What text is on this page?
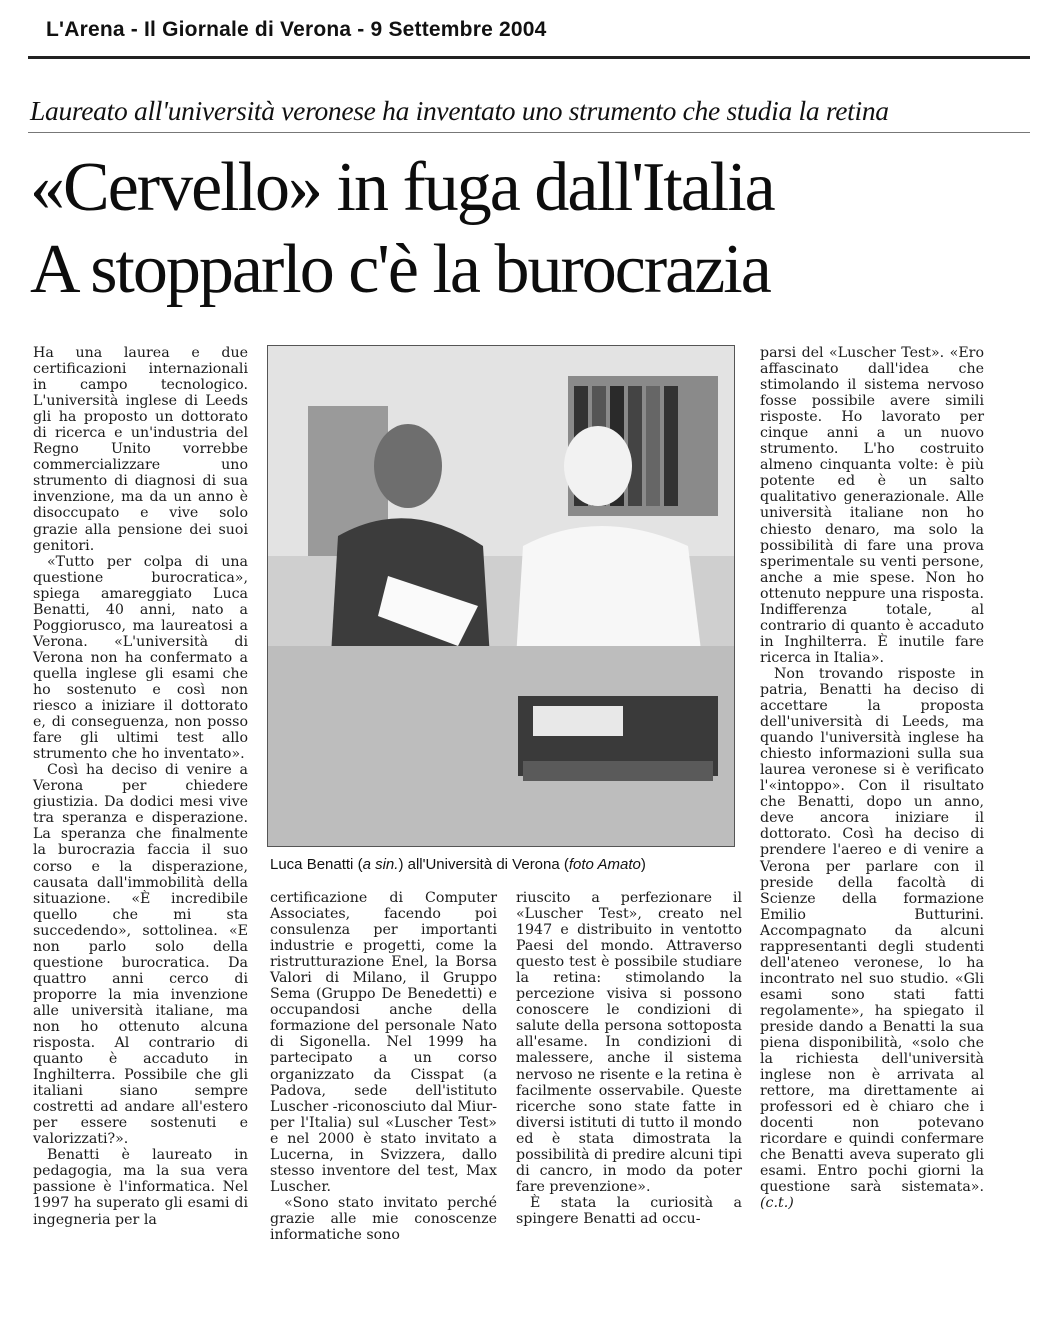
L'Arena - Il Giornale di Verona - 9 Settembre 2004
Laureato all'università veronese ha inventato uno strumento che studia la retina
«Cervello» in fuga dall'Italia
A stopparlo c'è la burocrazia

Ha una laurea e due certificazioni internazionali in campo tecnologico. L'università inglese di Leeds gli ha proposto un dottorato di ricerca e un'industria del Regno Unito vorrebbe commercializzare uno strumento di diagnosi di sua invenzione, ma da un anno è disoccupato e vive solo grazie alla pensione dei suoi genitori.

«Tutto per colpa di una questione burocratica», spiega amareggiato Luca Benatti, 40 anni, nato a Poggiorusco, ma laureatosi a Verona. «L'università di Verona non ha confermato a quella inglese gli esami che ho sostenuto e così non riesco a iniziare il dottorato e, di conseguenza, non posso fare gli ultimi test allo strumento che ho inventato».

Così ha deciso di venire a Verona per chiedere giustizia. Da dodici mesi vive tra speranza e disperazione. La speranza che finalmente la burocrazia faccia il suo corso e la disperazione, causata dall'immobilità della situazione. «È incredibile quello che mi sta succedendo», sottolinea. «E non parlo solo della questione burocratica. Da quattro anni cerco di proporre la mia invenzione alle università italiane, ma non ho ottenuto alcuna risposta. Al contrario di quanto è accaduto in Inghilterra. Possibile che gli italiani siano sempre costretti ad andare all'estero per essere sostenuti e valorizzati?».

Benatti è laureato in pedagogia, ma la sua vera passione è l'informatica. Nel 1997 ha superato gli esami di ingegneria per la

Luca Benatti (a sin.) all'Università di Verona (foto Amato)

certificazione di Computer Associates, facendo poi consulenza per importanti industrie e progetti, come la ristrutturazione Enel, la Borsa Valori di Milano, il Gruppo Sema (Gruppo De Benedetti) e occupandosi anche della formazione del personale Nato di Sigonella. Nel 1999 ha partecipato a un corso organizzato da Cisspat (a Padova, sede dell'istituto Luscher -riconosciuto dal Miur- per l'Italia) sul «Luscher Test» e nel 2000 è stato invitato a Lucerna, in Svizzera, dallo stesso inventore del test, Max Luscher.

«Sono stato invitato perché grazie alle mie conoscenze informatiche sono

riuscito a perfezionare il «Luscher Test», creato nel 1947 e distribuito in ventotto Paesi del mondo. Attraverso questo test è possibile studiare la retina: stimolando la percezione visiva si possono conoscere le condizioni di salute della persona sottoposta all'esame. In condizioni di malessere, anche il sistema nervoso ne risente e la retina è facilmente osservabile. Queste ricerche sono state fatte in diversi istituti di tutto il mondo ed è stata dimostrata la possibilità di predire alcuni tipi di cancro, in modo da poter fare prevenzione».

È stata la curiosità a spingere Benatti ad occu-

parsi del «Luscher Test». «Ero affascinato dall'idea che stimolando il sistema nervoso fosse possibile avere simili risposte. Ho lavorato per cinque anni a un nuovo strumento. L'ho costruito almeno cinquanta volte: è più potente ed è un salto qualitativo generazionale. Alle università italiane non ho chiesto denaro, ma solo la possibilità di fare una prova sperimentale su venti persone, anche a mie spese. Non ho ottenuto neppure una risposta. Indifferenza totale, al contrario di quanto è accaduto in Inghilterra. È inutile fare ricerca in Italia».

Non trovando risposte in patria, Benatti ha deciso di accettare la proposta dell'università di Leeds, ma quando l'università inglese ha chiesto informazioni sulla sua laurea veronese si è verificato l'«intoppo». Con il risultato che Benatti, dopo un anno, deve ancora iniziare il dottorato. Così ha deciso di prendere l'aereo e di venire a Verona per parlare con il preside della facoltà di Scienze della formazione Emilio Butturini. Accompagnato da alcuni rappresentanti degli studenti dell'ateneo veronese, lo ha incontrato nel suo studio. «Gli esami sono stati fatti regolamente», ha spiegato il preside dando a Benatti la sua piena disponibilità, «solo che la richiesta dell'università inglese non è arrivata al rettore, ma direttamente ai professori ed è chiaro che i docenti non potevano ricordare e quindi confermare che Benatti aveva superato gli esami. Entro pochi giorni la questione sarà sistemata». (c.t.)
